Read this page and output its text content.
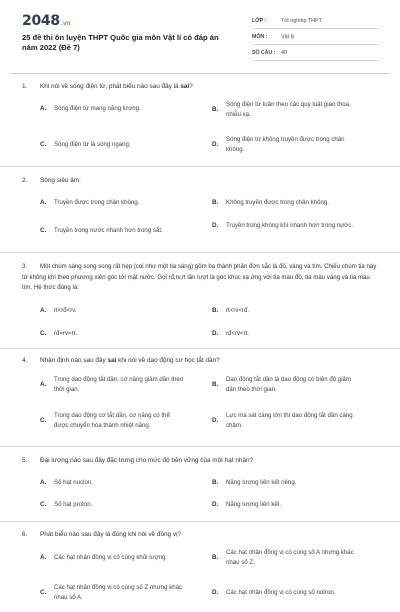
2048.vn
25 đề thi ôn luyện THPT Quốc gia môn Vật lí có đáp án năm 2022 (Đề 7)
LỚP :	Tốt nghiệp THPT
MÔN :	Vật lý
SỐ CÂU :	40
1. Khi nói về sóng điện từ, phát biểu nào sau đây là sai?
A.	Sóng điện từ mang năng lượng.	B.
Sóng điện từ tuân theo các quy luật giao thoa, nhiễu xạ.
C.	Sóng điện từ là sóng ngang.	D.
Sóng điện từ không truyền được trong chân không.
2. Sóng siêu âm:
A.	Truyền được trong chân không.	B.	Không truyền được trong chân không.
C.	Truyền trong nước nhanh hơn trong sắt.
D.	Truyền trong không khí nhanh hơn trong nước.
3. Một chùm sáng song song rất hẹp (coi như một tia sáng) gồm ba thành phần đơn sắc là đỏ, vàng và tím. Chiếu chùm tia này từ không khí theo phương xiên góc tới mặt nước. Gọi rđ,rv,rt lần lượt là góc khúc xạ ứng với tia màu đỏ, tia màu vàng và tia màu tím. Hệ thức đúng là:
A.	rt<rđ<rv.	B.	rt<rv<rđ.
C.	rđ=rv=rt.	D.	rđ<rv<rt.
4. Nhận định nào sau đây sai khi nói về dao động cơ học tắt dần?
A.
Trong dao động tắt dần, cơ năng giảm dần theo thời gian.
B.
Dao động tắt dần là dao động có biên độ giảm dần theo thời gian.
C.
Trong dao động cơ tắt dần, cơ năng có thể được chuyển hóa thành nhiệt năng.
D.
Lực ma sát càng lớn thì dao động tắt dần càng chậm.
5. Đại lượng nào sau đây đặc trưng cho mức độ bền vững của một hạt nhân?
A.	Số hạt nuclon.	B.	Năng lượng liên kết riêng.
C.	Số hạt proton.	D.	Năng lượng liên kết.
6. Phát biểu nào sau đây là đúng khi nói về đồng vị?
A.	Các hạt nhân đồng vị có cùng khối lượng.	B.
Các hạt nhân đồng vị có cùng số A nhưng khác nhau số Z.
C.
Các hạt nhân đồng vị có cùng số Z nhưng khác nhau số A.
D.	Các hạt nhân đồng vị có cùng số notron.
